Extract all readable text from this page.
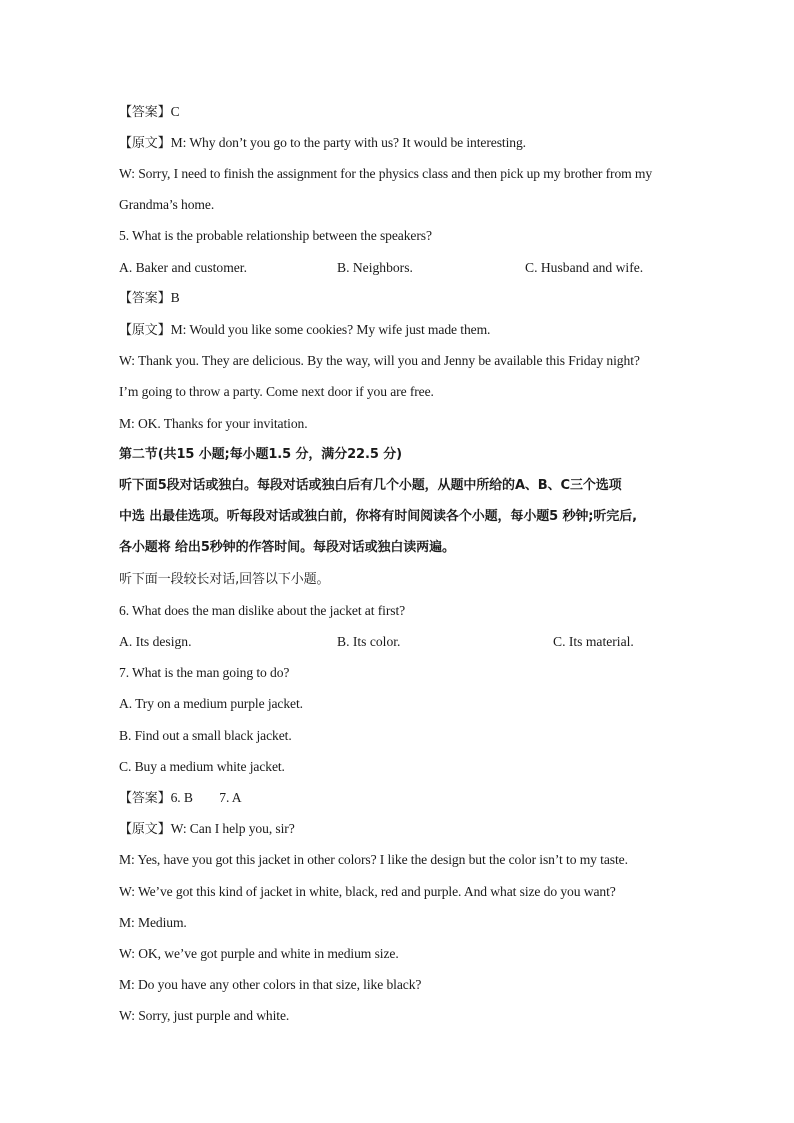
【答案】C
【原文】M: Why don’t you go to the party with us? It would be interesting.
W: Sorry, I need to finish the assignment for the physics class and then pick up my brother from my
Grandma’s home.
5. What is the probable relationship between the speakers?
A. Baker and customer.	B. Neighbors.	C. Husband and wife.
【答案】B
【原文】M: Would you like some cookies? My wife just made them.
W: Thank you. They are delicious. By the way, will you and Jenny be available this Friday night?
I’m going to throw a party. Come next door if you are free.
M: OK. Thanks for your invitation.
第二节(共15 小题;每小题1.5 分，满分22.5 分)
听下面5段对话或独白。每段对话或独白后有几个小题，从题中所给的A、B、C三个选项
中选 出最佳选项。听每段对话或独白前，你将有时间阅读各个小题，每小题5 秒钟;听完后,
各小题将 给出5秒钟的作答时间。每段对话或独白读两遍。
听下面一段较长对话,回答以下小题。
6. What does the man dislike about the jacket at first?
A. Its design.	B. Its color.	C. Its material.
7. What is the man going to do?
A. Try on a medium purple jacket.
B. Find out a small black jacket.
C. Buy a medium white jacket.
【答案】6. B        7. A
【原文】W: Can I help you, sir?
M: Yes, have you got this jacket in other colors? I like the design but the color isn’t to my taste.
W: We’ve got this kind of jacket in white, black, red and purple. And what size do you want?
M: Medium.
W: OK, we’ve got purple and white in medium size.
M: Do you have any other colors in that size, like black?
W: Sorry, just purple and white.
